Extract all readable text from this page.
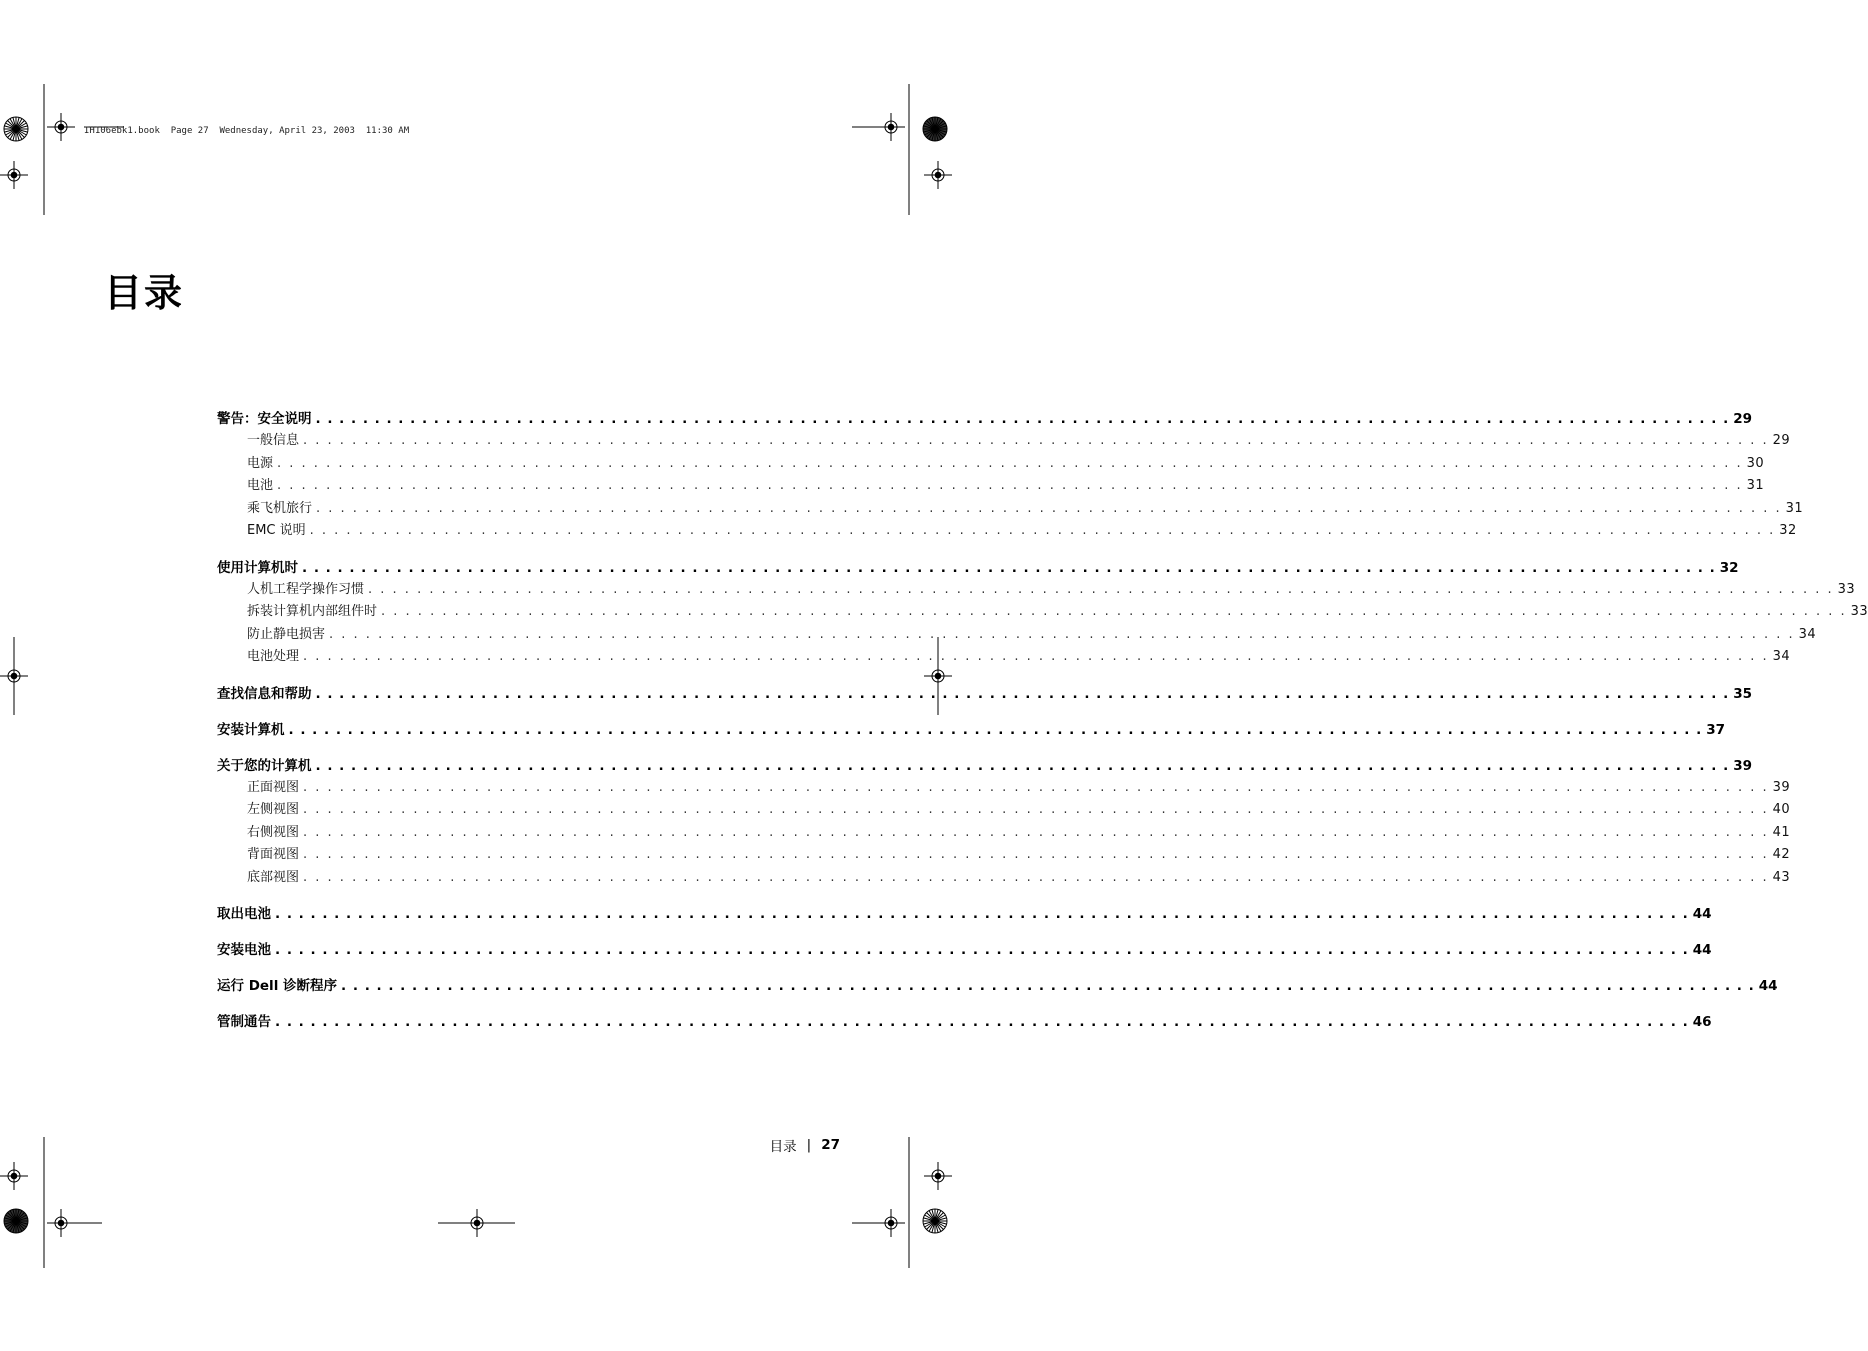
IH106ebk1.book  Page 27  Wednesday, April 23, 2003  11:30 AM
目录
警告：安全说明 . . . . . . . . . . . . . . . . . . . . . . . . . . . . . . . . . . . . . . . . . . . . . . . . . . . . . . . . . . . . . . . . . . . . . . . . . . . . . . . . . . . . . . . . . . . . . . . . . . . . . . . . . . . . . . . . . . . . . . . . 29
一般信息 . . . . . . . . . . . . . . . . . . . . . . . . . . . . . . . . . . . . . . . . . . . . . . . . . . . . . . . . . . . . . . . . . . . . . . . . . . . . . . . . . . . . . . . . . . . . . . . . . . . . . . . . . . . . . . . . . . . . . . . . 29
电源 . . . . . . . . . . . . . . . . . . . . . . . . . . . . . . . . . . . . . . . . . . . . . . . . . . . . . . . . . . . . . . . . . . . . . . . . . . . . . . . . . . . . . . . . . . . . . . . . . . . . . . . . . . . . . . . . . . . . . . . . 30
电池 . . . . . . . . . . . . . . . . . . . . . . . . . . . . . . . . . . . . . . . . . . . . . . . . . . . . . . . . . . . . . . . . . . . . . . . . . . . . . . . . . . . . . . . . . . . . . . . . . . . . . . . . . . . . . . . . . . . . . . . . 31
乘飞机旅行 . . . . . . . . . . . . . . . . . . . . . . . . . . . . . . . . . . . . . . . . . . . . . . . . . . . . . . . . . . . . . . . . . . . . . . . . . . . . . . . . . . . . . . . . . . . . . . . . . . . . . . . . . . . . . . . . . . . . . . . . 31
EMC 说明 . . . . . . . . . . . . . . . . . . . . . . . . . . . . . . . . . . . . . . . . . . . . . . . . . . . . . . . . . . . . . . . . . . . . . . . . . . . . . . . . . . . . . . . . . . . . . . . . . . . . . . . . . . . . . . . . . . . . . . . . 32
使用计算机时 . . . . . . . . . . . . . . . . . . . . . . . . . . . . . . . . . . . . . . . . . . . . . . . . . . . . . . . . . . . . . . . . . . . . . . . . . . . . . . . . . . . . . . . . . . . . . . . . . . . . . . . . . . . . . . . . . . . . . . . . 32
人机工程学操作习惯 . . . . . . . . . . . . . . . . . . . . . . . . . . . . . . . . . . . . . . . . . . . . . . . . . . . . . . . . . . . . . . . . . . . . . . . . . . . . . . . . . . . . . . . . . . . . . . . . . . . . . . . . . . . . . . . . . . . . . . . . 33
拆装计算机内部组件时 . . . . . . . . . . . . . . . . . . . . . . . . . . . . . . . . . . . . . . . . . . . . . . . . . . . . . . . . . . . . . . . . . . . . . . . . . . . . . . . . . . . . . . . . . . . . . . . . . . . . . . . . . . . . . . . . . . . . . . . . 33
防止静电损害 . . . . . . . . . . . . . . . . . . . . . . . . . . . . . . . . . . . . . . . . . . . . . . . . . . . . . . . . . . . . . . . . . . . . . . . . . . . . . . . . . . . . . . . . . . . . . . . . . . . . . . . . . . . . . . . . . . . . . . . . 34
电池处理 . . . . . . . . . . . . . . . . . . . . . . . . . . . . . . . . . . . . . . . . . . . . . . . . . . . . . . . . . . . . . . . . . . . . . . . . . . . . . . . . . . . . . . . . . . . . . . . . . . . . . . . . . . . . . . . . . . . . . . . . 34
查找信息和帮助 . . . . . . . . . . . . . . . . . . . . . . . . . . . . . . . . . . . . . . . . . . . . . . . . . . . . . . . . . . . . . . . . . . . . . . . . . . . . . . . . . . . . . . . . . . . . . . . . . . . . . . . . . . . . . . . . . . . . . . . . 35
安装计算机 . . . . . . . . . . . . . . . . . . . . . . . . . . . . . . . . . . . . . . . . . . . . . . . . . . . . . . . . . . . . . . . . . . . . . . . . . . . . . . . . . . . . . . . . . . . . . . . . . . . . . . . . . . . . . . . . . . . . . . . . 37
关于您的计算机 . . . . . . . . . . . . . . . . . . . . . . . . . . . . . . . . . . . . . . . . . . . . . . . . . . . . . . . . . . . . . . . . . . . . . . . . . . . . . . . . . . . . . . . . . . . . . . . . . . . . . . . . . . . . . . . . . . . . . . . . 39
正面视图 . . . . . . . . . . . . . . . . . . . . . . . . . . . . . . . . . . . . . . . . . . . . . . . . . . . . . . . . . . . . . . . . . . . . . . . . . . . . . . . . . . . . . . . . . . . . . . . . . . . . . . . . . . . . . . . . . . . . . . . . 39
左侧视图 . . . . . . . . . . . . . . . . . . . . . . . . . . . . . . . . . . . . . . . . . . . . . . . . . . . . . . . . . . . . . . . . . . . . . . . . . . . . . . . . . . . . . . . . . . . . . . . . . . . . . . . . . . . . . . . . . . . . . . . . 40
右侧视图 . . . . . . . . . . . . . . . . . . . . . . . . . . . . . . . . . . . . . . . . . . . . . . . . . . . . . . . . . . . . . . . . . . . . . . . . . . . . . . . . . . . . . . . . . . . . . . . . . . . . . . . . . . . . . . . . . . . . . . . . 41
背面视图 . . . . . . . . . . . . . . . . . . . . . . . . . . . . . . . . . . . . . . . . . . . . . . . . . . . . . . . . . . . . . . . . . . . . . . . . . . . . . . . . . . . . . . . . . . . . . . . . . . . . . . . . . . . . . . . . . . . . . . . . 42
底部视图 . . . . . . . . . . . . . . . . . . . . . . . . . . . . . . . . . . . . . . . . . . . . . . . . . . . . . . . . . . . . . . . . . . . . . . . . . . . . . . . . . . . . . . . . . . . . . . . . . . . . . . . . . . . . . . . . . . . . . . . . 43
取出电池 . . . . . . . . . . . . . . . . . . . . . . . . . . . . . . . . . . . . . . . . . . . . . . . . . . . . . . . . . . . . . . . . . . . . . . . . . . . . . . . . . . . . . . . . . . . . . . . . . . . . . . . . . . . . . . . . . . . . . . . . 44
安装电池 . . . . . . . . . . . . . . . . . . . . . . . . . . . . . . . . . . . . . . . . . . . . . . . . . . . . . . . . . . . . . . . . . . . . . . . . . . . . . . . . . . . . . . . . . . . . . . . . . . . . . . . . . . . . . . . . . . . . . . . . 44
运行 Dell 诊断程序 . . . . . . . . . . . . . . . . . . . . . . . . . . . . . . . . . . . . . . . . . . . . . . . . . . . . . . . . . . . . . . . . . . . . . . . . . . . . . . . . . . . . . . . . . . . . . . . . . . . . . . . . . . . . . . . . . . . . . . . . 44
管制通告 . . . . . . . . . . . . . . . . . . . . . . . . . . . . . . . . . . . . . . . . . . . . . . . . . . . . . . . . . . . . . . . . . . . . . . . . . . . . . . . . . . . . . . . . . . . . . . . . . . . . . . . . . . . . . . . . . . . . . . . . 46
目录 | 27
